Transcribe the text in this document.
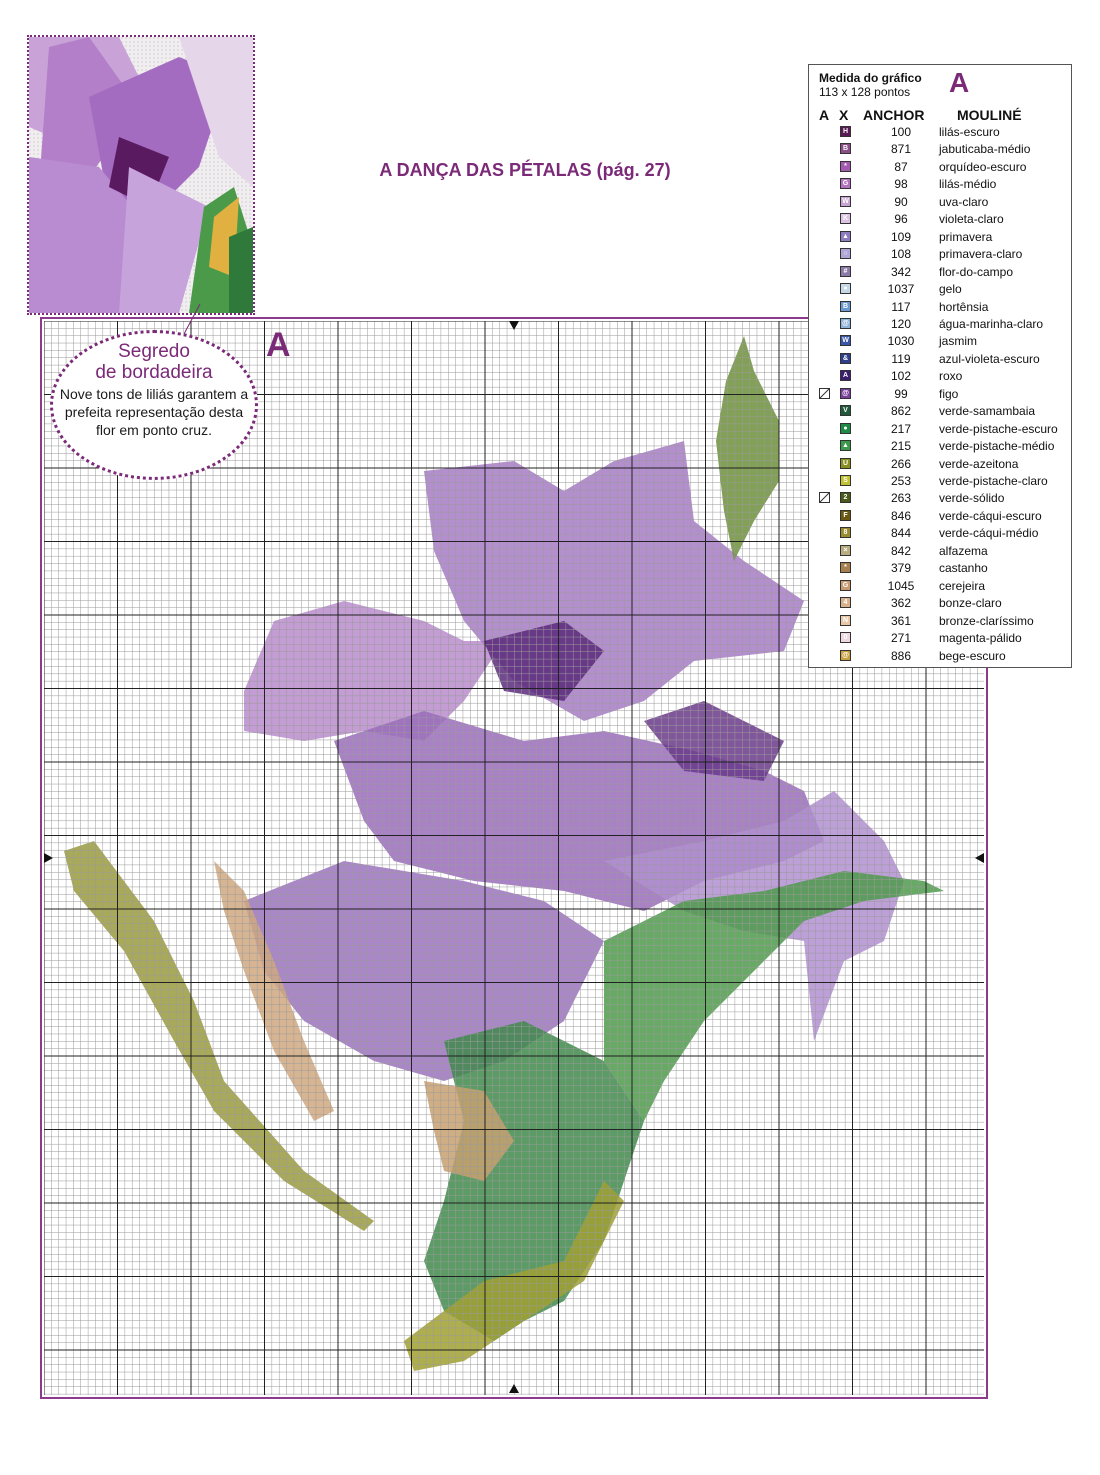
A DANÇA DAS PÉTALAS (pág. 27)
A
Segredo
de bordadeira
Nove tons de liliás garantem a prefeita representação desta flor em ponto cruz.
Medida do gráfico
113 x 128 pontos A
A X ANCHOR MOULINÉ
H	100	lilás-escuro
B	871	jabuticaba-médio
*	87	orquídeo-escuro
G	98	lilás-médio
W	90	uva-claro
K	96	violeta-claro
▲	109	primavera
○	108	primavera-claro
#	342	flor-do-campo
●	1037	gelo
B	117	hortênsia
@	120	água-marinha-claro
W	1030	jasmim
&	119	azul-violeta-escuro
A	102	roxo
@	99	figo
V	862	verde-samambaia
●	217	verde-pistache-escuro
▲	215	verde-pistache-médio
U	266	verde-azeitona
S	253	verde-pistache-claro
2	263	verde-sólido
F	846	verde-cáqui-escuro
8	844	verde-cáqui-médio
×	842	alfazema
*	379	castanho
G	1045	cerejeira
4	362	bonze-claro
N	361	bronze-claríssimo
0	271	magenta-pálido
@	886	bege-escuro
